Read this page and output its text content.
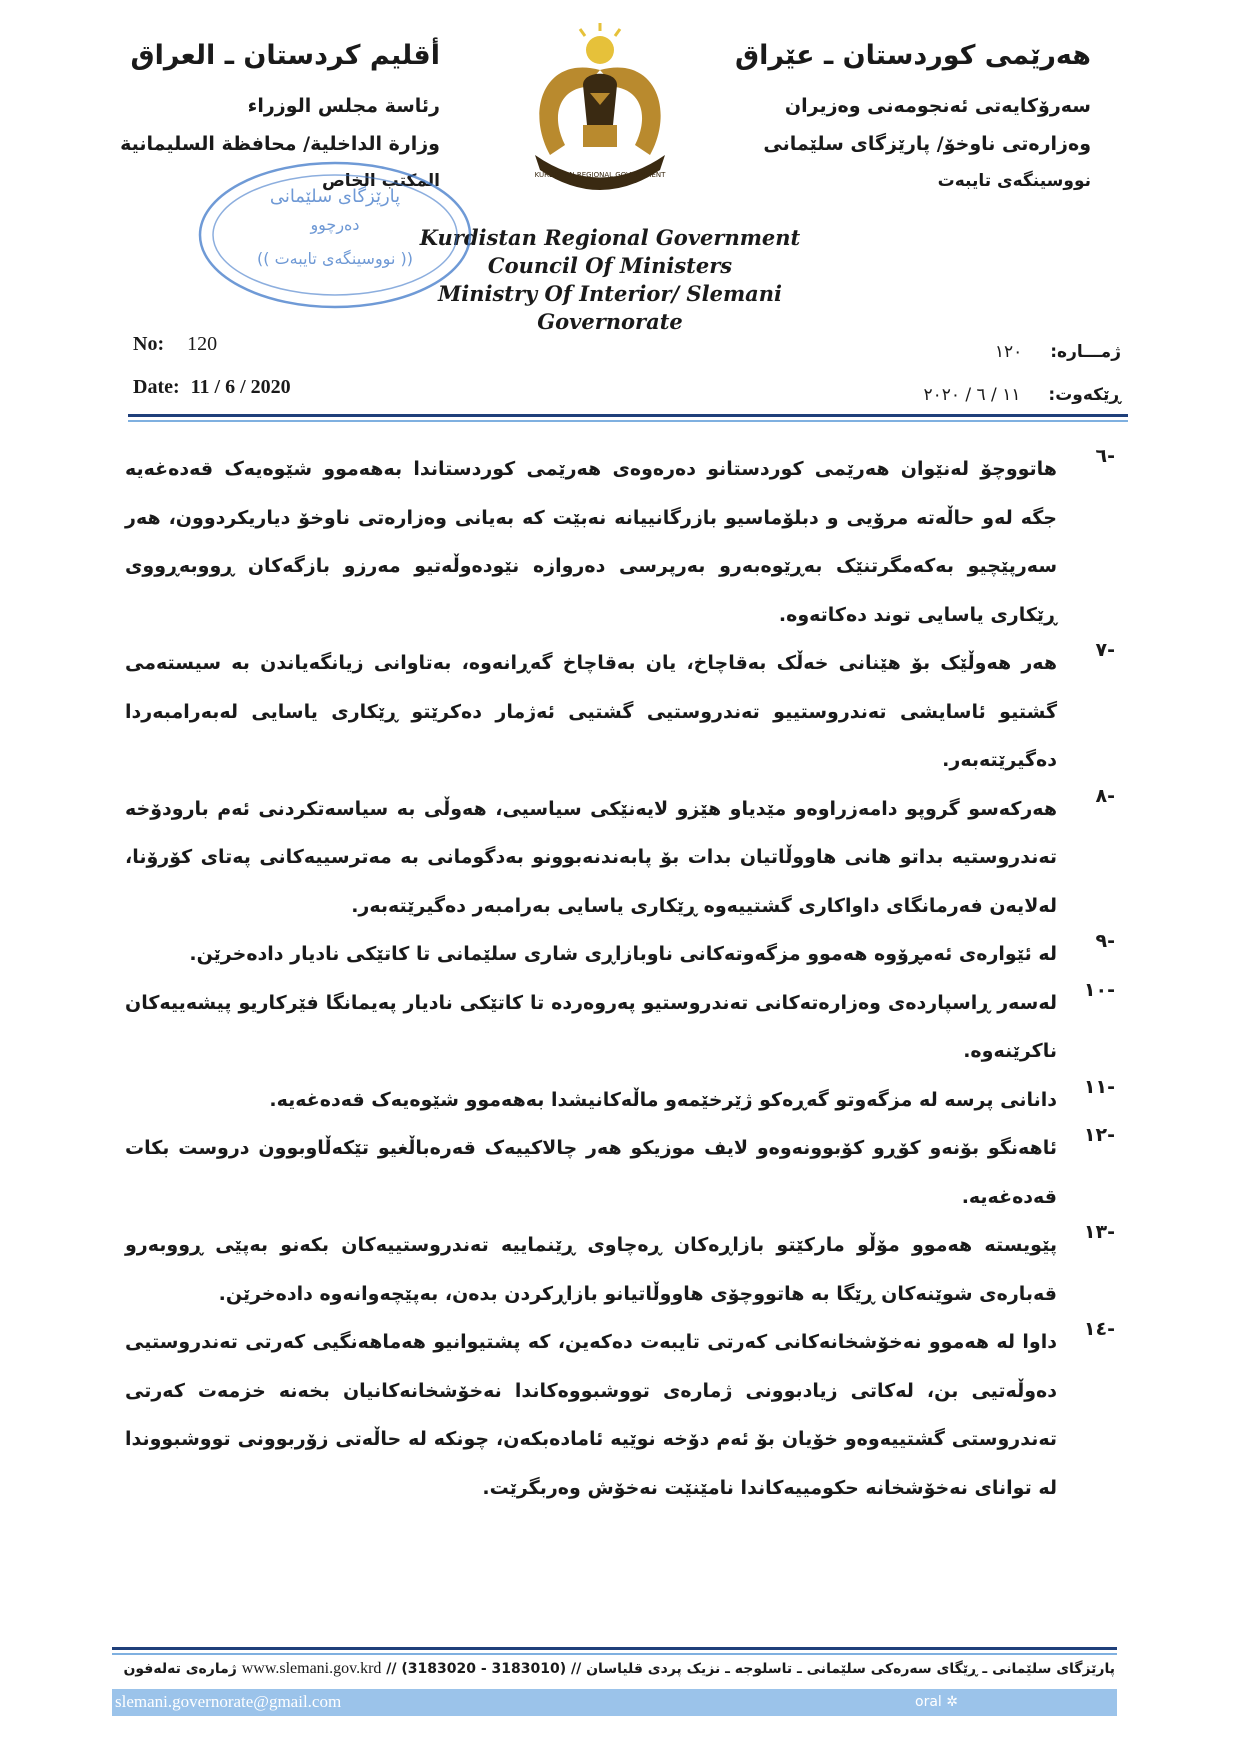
هەرێمی کوردستان ـ عێراق
سەرۆکایەتی ئەنجومەنی وەزیران
وەزارەتی ناوخۆ/ پارێزگای سلێمانی
نووسینگەی تایبەت
أقليم كردستان ـ العراق
رئاسة مجلس الوزراء
وزارة الداخلية/ محافظة السليمانية
المكتب الخاص	KURDISTAN REGIONAL GOVERNMENT
Kurdistan Regional Government
Council Of Ministers
Ministry Of Interior/ Slemani Governorate
پارێزگای سلێمانی
دەرچوو
(( نووسینگەی تایبەت ))
No: 120
Date: 11 / 6 / 2020
ژمـــارە: ١٢٠
ڕێکەوت: ١١ / ٦ / ٢٠٢٠
-٦
هاتووچۆ لەنێوان هەرێمی کوردستانو دەرەوەی هەرێمی کوردستاندا بەهەموو شێوەیەک قەدەغەیە جگە لەو حاڵەتە مرۆیی و دبلۆماسیو بازرگانییانە نەبێت کە بەیانی وەزارەتی ناوخۆ دیاریکردوون، هەر سەرپێچیو بەکەمگرتنێک بەڕێوەبەرو بەرپرسی دەروازە نێودەوڵەتیو مەرزو بازگەکان ڕووبەڕووی ڕێکاری یاسایی توند دەکاتەوە.
-٧
هەر هەوڵێک بۆ هێنانی خەڵک بەقاچاخ، یان بەقاچاخ گەڕانەوە، بەتاوانی زیانگەیاندن بە سیستەمی گشتیو ئاسایشی تەندروستییو تەندروستیی گشتیی ئەژمار دەکرێتو ڕێکاری یاسایی لەبەرامبەردا دەگیرێتەبەر.
-٨
هەرکەسو گروپو دامەزراوەو مێدیاو هێزو لایەنێکی سیاسیی، هەوڵی بە سیاسەتکردنی ئەم بارودۆخە تەندروستیە بداتو هانی هاووڵاتیان بدات بۆ پابەندنەبوونو بەدگومانی بە مەترسییەکانی پەتای کۆرۆنا، لەلایەن فەرمانگای داواکاری گشتییەوە ڕێکاری یاسایی بەرامبەر دەگیرێتەبەر.
-٩
لە ئێوارەی ئەمڕۆوە هەموو مزگەوتەکانی ناوبازاڕی شاری سلێمانی تا کاتێکی نادیار دادەخرێن.
-١٠
لەسەر ڕاسپاردەی وەزارەتەکانی تەندروستیو پەروەردە تا کاتێکی نادیار پەیمانگا فێرکاریو پیشەییەکان ناکرێنەوە.
-١١
دانانی پرسە لە مزگەوتو گەڕەکو ژێرخێمەو ماڵەکانیشدا بەهەموو شێوەیەک قەدەغەیە.
-١٢
ئاهەنگو بۆنەو کۆڕو کۆبوونەوەو لایف موزیکو هەر چالاکییەک قەرەباڵغیو تێکەڵاوبوون دروست بکات قەدەغەیە.
-١٣
پێویستە هەموو مۆڵو مارکێتو بازاڕەکان ڕەچاوی ڕێنماییە تەندروستییەکان بکەنو بەپێی ڕووبەرو قەبارەی شوێنەکان ڕێگا بە هاتووچۆی هاووڵاتیانو بازاڕکردن بدەن، بەپێچەوانەوە دادەخرێن.
-١٤
داوا لە هەموو نەخۆشخانەکانی کەرتی تایبەت دەکەین، کە پشتیوانیو هەماهەنگیی کەرتی تەندروستیی دەوڵەتیی بن، لەکاتی زیادبوونی ژمارەی تووشبووەکاندا نەخۆشخانەکانیان بخەنە خزمەت کەرتی تەندروستی گشتییەوەو خۆیان بۆ ئەم دۆخە نوێیە ئامادەبکەن، چونکە لە حاڵەتی زۆربوونی تووشبووندا لە توانای نەخۆشخانە حکومییەکاندا نامێنێت نەخۆش وەربگرێت.
پارێزگای سلێمانی ـ ڕێگای سەرەکی سلێمانی ـ تاسلوجە ـ نزیک پردی قلیاسان // www.slemani.gov.krd // (3183020 - 3183010) ژمارەی تەلەفون
slemani.governorate@gmail.com	oral ✲
